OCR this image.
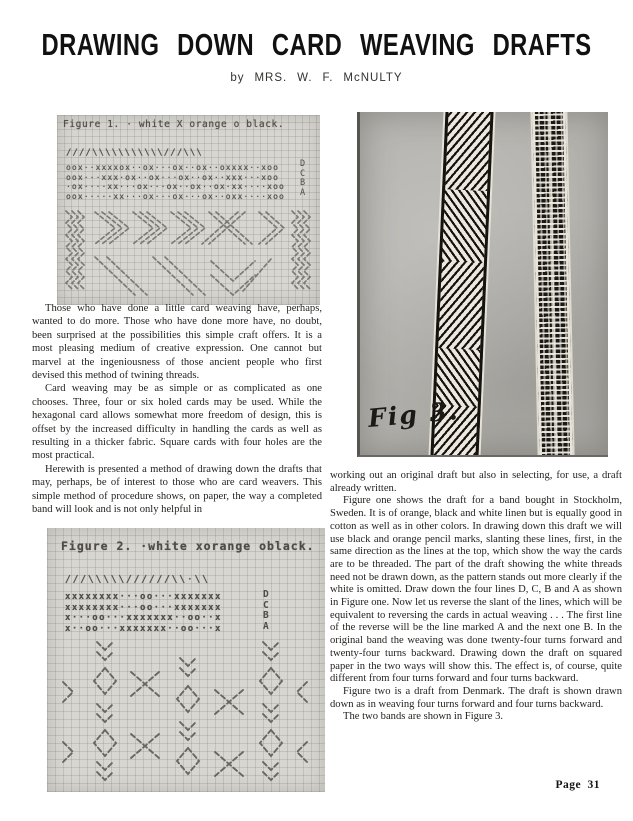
DRAWING DOWN CARD WEAVING DRAFTS
by MRS. W. F. McNULTY
Figure 1. · white X orange o black.
////\\\\\\\\\\\///\\\
oox··xxxxox··ox···ox··ox··oxxxx··xoo
oox···xxx·ox··ox···ox··ox··xxx···xoo
·ox····xx···ox···ox··ox··ox·xx····xoo
oox·····xx···ox···ox···ox··oxx····xoo
D
C
B
A
Fig 3.

Those who have done a little card weaving have, perhaps, wanted to do more. Those who have done more have, no doubt, been surprised at the possibilities this simple craft offers. It is a most pleasing medium of creative expression. One cannot but marvel at the ingeniousness of those ancient people who first devised this method of twining threads.

Card weaving may be as simple or as complicated as one chooses. Three, four or six holed cards may be used. While the hexagonal card allows somewhat more freedom of design, this is offset by the increased difficulty in handling the cards as well as resulting in a thicker fabric. Square cards with four holes are the most practical.

Herewith is presented a method of drawing down the drafts that may, perhaps, be of interest to those who are card weavers. This simple method of procedure shows, on paper, the way a completed band will look and is not only helpful in

Figure 2. ·white xorange oblack.
///\\\\\//////\\·\\
xxxxxxxx···oo···xxxxxxx
xxxxxxxx···oo···xxxxxxx
x···oo···xxxxxxx··oo··x
x··oo···xxxxxxx··oo···x
D
C
B
A

working out an original draft but also in selecting, for use, a draft already written.

Figure one shows the draft for a band bought in Stockholm, Sweden. It is of orange, black and white linen but is equally good in cotton as well as in other colors. In drawing down this draft we will use black and orange pencil marks, slanting these lines, first, in the same direction as the lines at the top, which show the way the cards are to be threaded. The part of the draft showing the white threads need not be drawn down, as the pattern stands out more clearly if the white is omitted. Draw down the four lines D, C, B and A as shown in Figure one. Now let us reverse the slant of the lines, which will be equivalent to reversing the cards in actual weaving . . . The first line of the reverse will be the line marked A and the next one B. In the original band the weaving was done twenty-four turns forward and twenty-four turns backward. Drawing down the draft on squared paper in the two ways will show this. The effect is, of course, quite different from four turns forward and four turns backward.

Figure two is a draft from Denmark. The draft is shown drawn down as in weaving four turns forward and four turns backward.

The two bands are shown in Figure 3.

Page 31
